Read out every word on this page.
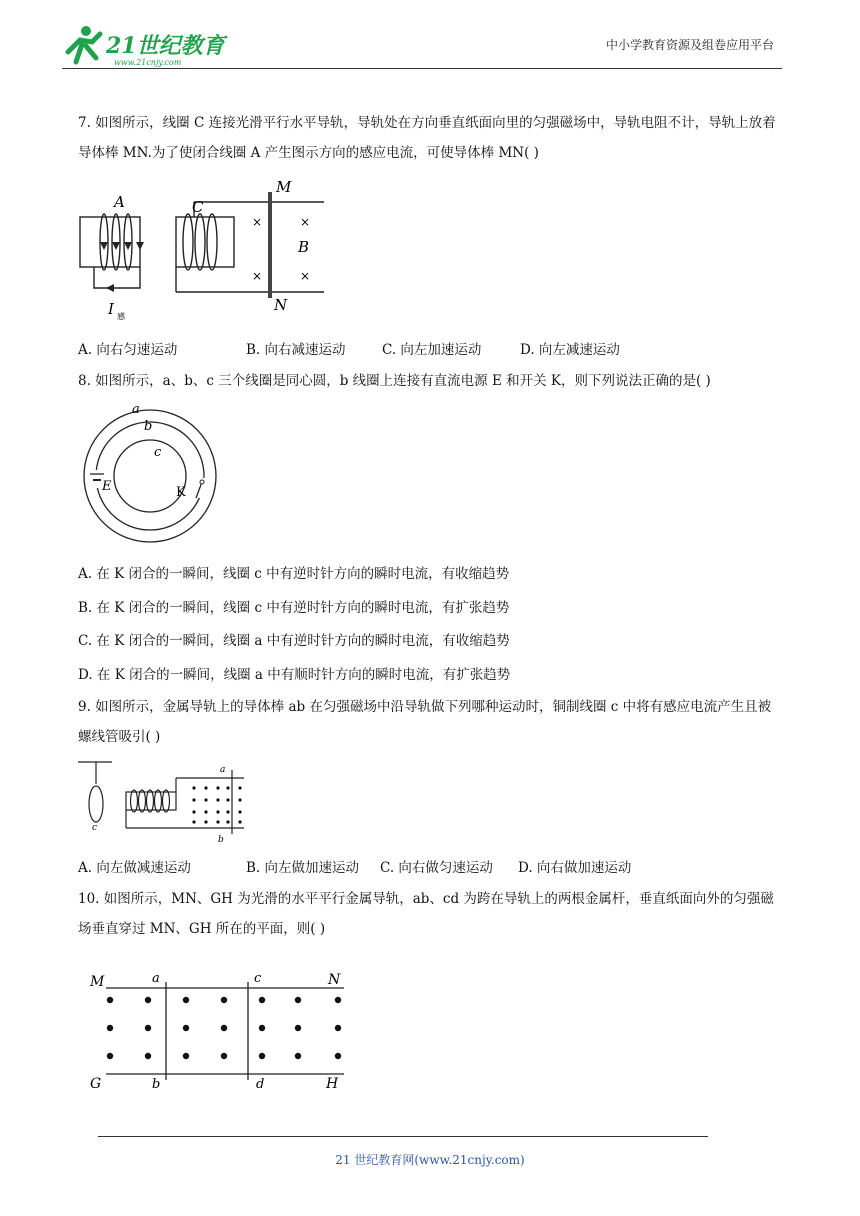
21世纪教育
www.21cnjy.com
中小学教育资源及组卷应用平台
7. 如图所示，线圈 C 连接光滑平行水平导轨，导轨处在方向垂直纸面向里的匀强磁场中，导轨电阻不计，导轨上放着导体棒 MN.为了使闭合线圈 A 产生图示方向的感应电流，可使导体棒 MN( )
×	×
×	×
A	C
M
N
B
I 感
A. 向右匀速运动	B. 向右减速运动	C. 向左加速运动	D. 向左减速运动
8. 如图所示，a、b、c 三个线圈是同心圆，b 线圈上连接有直流电源 E 和开关 K，则下列说法正确的是( )
a
b
c
E	K
A. 在 K 闭合的一瞬间，线圈 c 中有逆时针方向的瞬时电流，有收缩趋势
B. 在 K 闭合的一瞬间，线圈 c 中有逆时针方向的瞬时电流，有扩张趋势
C. 在 K 闭合的一瞬间，线圈 a 中有逆时针方向的瞬时电流，有收缩趋势
D. 在 K 闭合的一瞬间，线圈 a 中有顺时针方向的瞬时电流，有扩张趋势
9. 如图所示，金属导轨上的导体棒 ab 在匀强磁场中沿导轨做下列哪种运动时，铜制线圈 c 中将有感应电流产生且被螺线管吸引( )
a
b
c
A. 向左做减速运动	B. 向左做加速运动 C. 向右做匀速运动 D. 向右做加速运动
10. 如图所示，MN、GH 为光滑的水平平行金属导轨，ab、cd 为跨在导轨上的两根金属杆，垂直纸面向外的匀强磁场垂直穿过 MN、GH 所在的平面，则( )
M	a	c	N
G	b	d	H
21 世纪教育网(www.21cnjy.com)
